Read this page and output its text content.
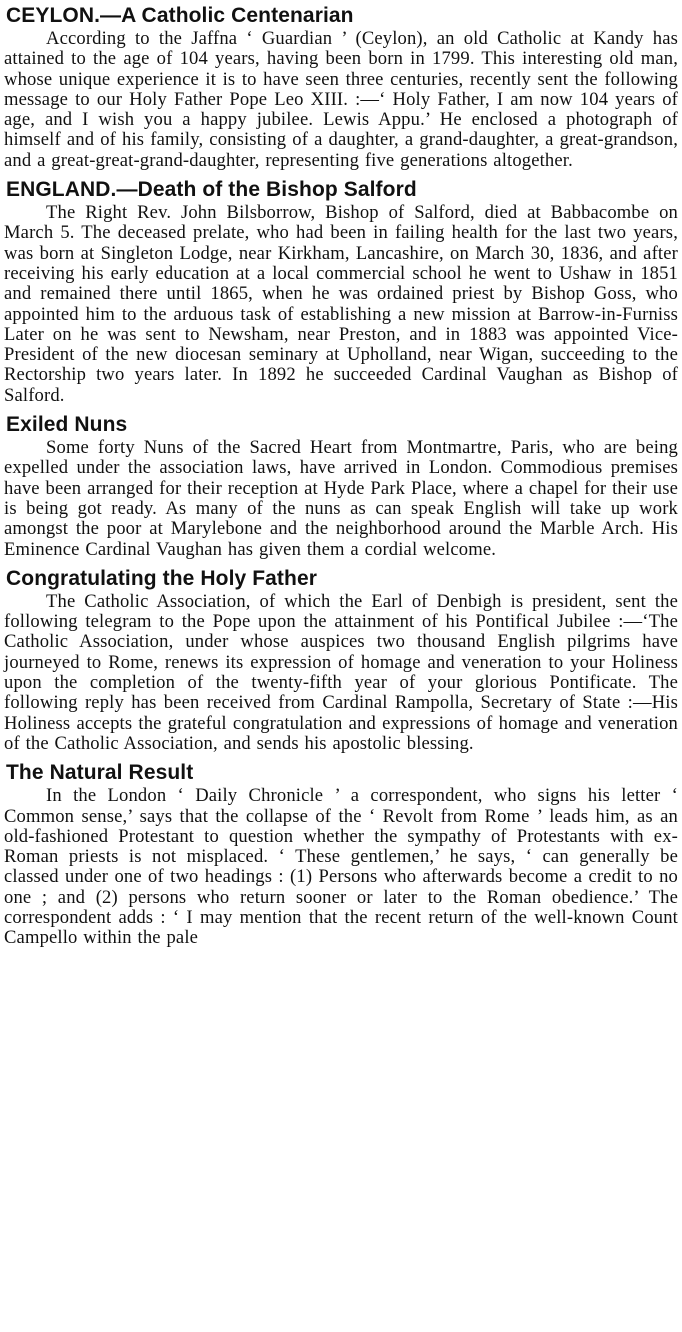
CEYLON.—A Catholic Centenarian

According to the Jaffna ‘ Guardian ’ (Ceylon), an old Catholic at Kandy has attained to the age of 104 years, having been born in 1799. This interesting old man, whose unique experience it is to have seen three centuries, recently sent the following message to our Holy Father Pope Leo XIII. :—‘ Holy Father, I am now 104 years of age, and I wish you a happy jubilee. Lewis Appu.’ He enclosed a photograph of himself and of his family, consisting of a daughter, a grand-daughter, a great-grandson, and a great-great-grand-daughter, representing five generations altogether.

ENGLAND.—Death of the Bishop Salford

The Right Rev. John Bilsborrow, Bishop of Salford, died at Babbacombe on March 5. The deceased prelate, who had been in failing health for the last two years, was born at Singleton Lodge, near Kirkham, Lancashire, on March 30, 1836, and after receiving his early education at a local commercial school he went to Ushaw in 1851 and remained there until 1865, when he was ordained priest by Bishop Goss, who appointed him to the arduous task of establishing a new mission at Barrow-in-Furniss Later on he was sent to Newsham, near Preston, and in 1883 was appointed Vice-President of the new diocesan seminary at Upholland, near Wigan, succeeding to the Rectorship two years later. In 1892 he succeeded Cardinal Vaughan as Bishop of Salford.

Exiled Nuns

Some forty Nuns of the Sacred Heart from Montmartre, Paris, who are being expelled under the association laws, have arrived in London. Commodious premises have been arranged for their reception at Hyde Park Place, where a chapel for their use is being got ready. As many of the nuns as can speak English will take up work amongst the poor at Marylebone and the neighborhood around the Marble Arch. His Eminence Cardinal Vaughan has given them a cordial welcome.

Congratulating the Holy Father

The Catholic Association, of which the Earl of Denbigh is president, sent the following telegram to the Pope upon the attainment of his Pontifical Jubilee :—‘The Catholic Association, under whose auspices two thousand English pilgrims have journeyed to Rome, renews its expression of homage and veneration to your Holiness upon the completion of the twenty-fifth year of your glorious Pontificate. The following reply has been received from Cardinal Rampolla, Secretary of State :—His Holiness accepts the grateful congratulation and expressions of homage and veneration of the Catholic Association, and sends his apostolic blessing.

The Natural Result

In the London ‘ Daily Chronicle ’ a correspondent, who signs his letter ‘ Common sense,’ says that the collapse of the ‘ Revolt from Rome ’ leads him, as an old-fashioned Protestant to question whether the sympathy of Protestants with ex-Roman priests is not misplaced. ‘ These gentlemen,’ he says, ‘ can generally be classed under one of two headings : (1) Persons who afterwards become a credit to no one ; and (2) persons who return sooner or later to the Roman obedience.’ The correspondent adds : ‘ I may mention that the recent return of the well-known Count Campello within the pale
